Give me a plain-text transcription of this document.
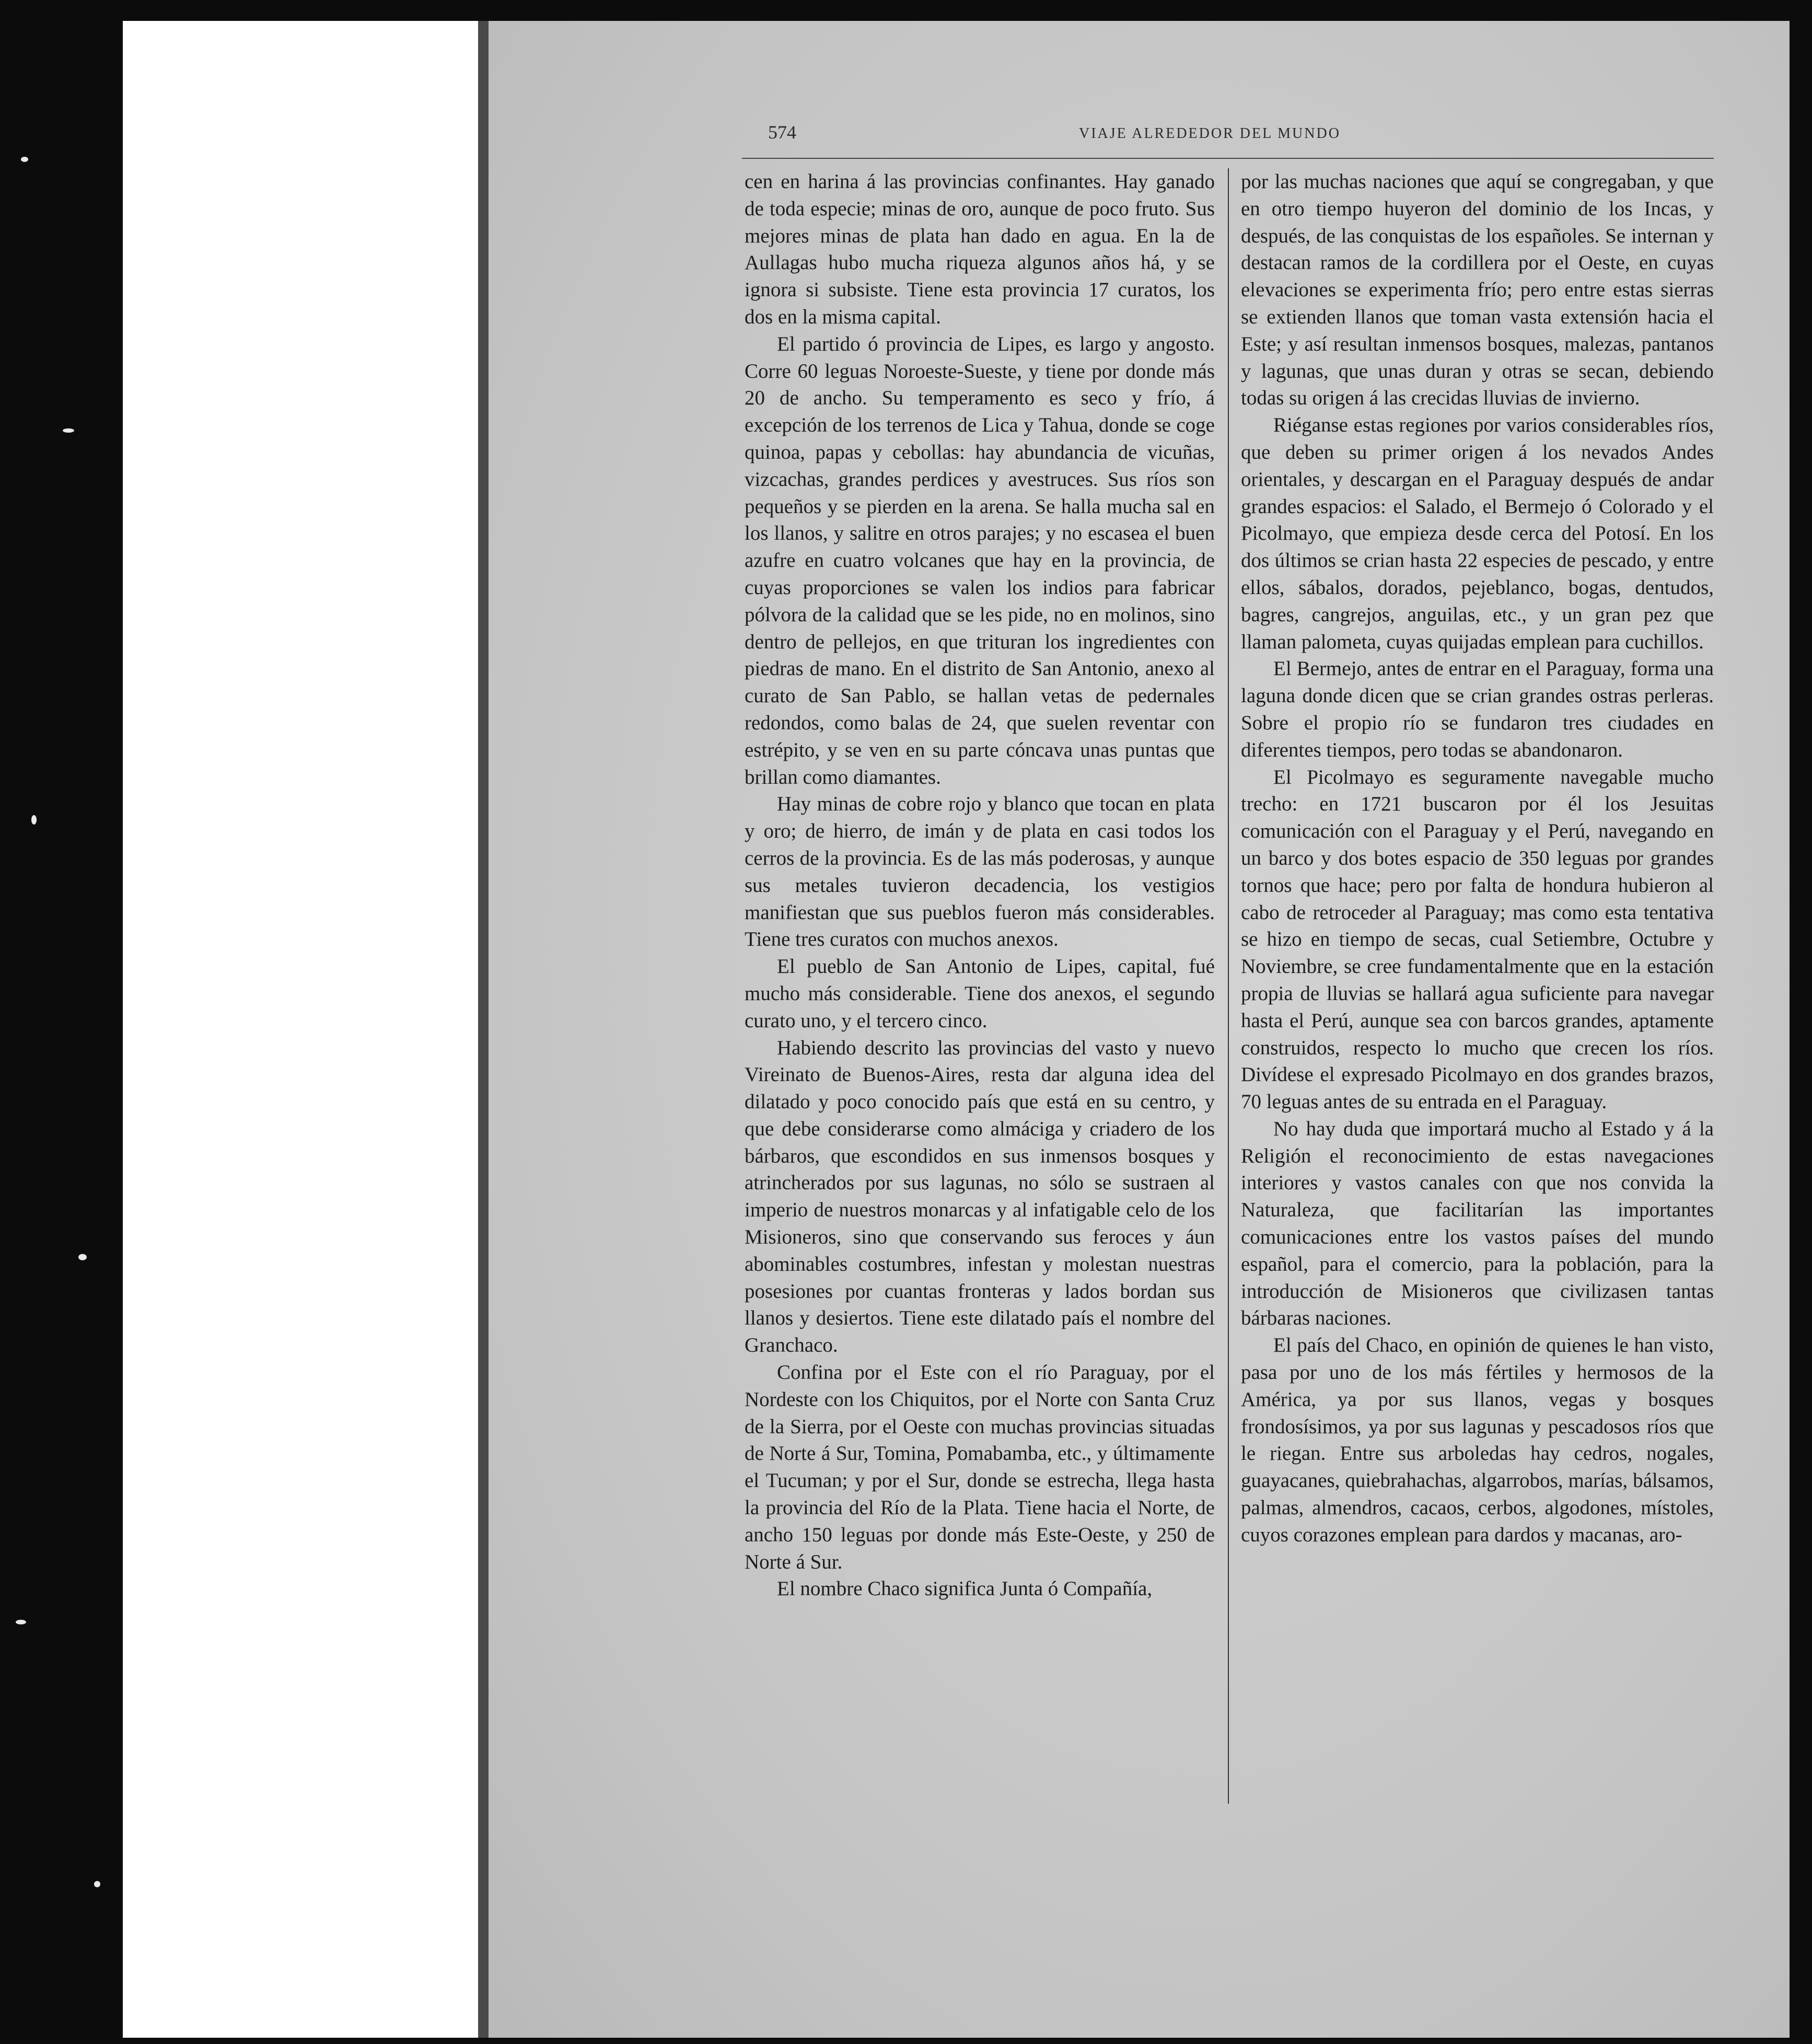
574	VIAJE ALREDEDOR DEL MUNDO

cen en harina á las provincias confinantes. Hay ganado de toda especie; minas de oro, aunque de poco fruto. Sus mejores minas de plata han dado en agua. En la de Aullagas hubo mucha riqueza algunos años há, y se ignora si subsiste. Tiene esta provincia 17 curatos, los dos en la misma capital.

El partido ó provincia de Lipes, es largo y angosto. Corre 60 leguas Noroeste-Sueste, y tiene por donde más 20 de ancho. Su temperamento es seco y frío, á excepción de los terrenos de Lica y Tahua, donde se coge quinoa, papas y cebollas: hay abundancia de vicuñas, vizcachas, grandes perdices y avestruces. Sus ríos son pequeños y se pierden en la arena. Se halla mucha sal en los llanos, y salitre en otros parajes; y no escasea el buen azufre en cuatro volcanes que hay en la provincia, de cuyas proporciones se valen los indios para fabricar pólvora de la calidad que se les pide, no en molinos, sino dentro de pellejos, en que trituran los ingredientes con piedras de mano. En el distrito de San Antonio, anexo al curato de San Pablo, se hallan vetas de pedernales redondos, como balas de 24, que suelen reventar con estrépito, y se ven en su parte cóncava unas puntas que brillan como diamantes.

Hay minas de cobre rojo y blanco que tocan en plata y oro; de hierro, de imán y de plata en casi todos los cerros de la provincia. Es de las más poderosas, y aunque sus metales tuvieron decadencia, los vestigios manifiestan que sus pueblos fueron más considerables. Tiene tres curatos con muchos anexos.

El pueblo de San Antonio de Lipes, capital, fué mucho más considerable. Tiene dos anexos, el segundo curato uno, y el tercero cinco.

Habiendo descrito las provincias del vasto y nuevo Vireinato de Buenos-Aires, resta dar alguna idea del dilatado y poco conocido país que está en su centro, y que debe considerarse como almáciga y criadero de los bárbaros, que escondidos en sus inmensos bosques y atrincherados por sus lagunas, no sólo se sustraen al imperio de nuestros monarcas y al infatigable celo de los Misioneros, sino que conservando sus feroces y áun abominables costumbres, infestan y molestan nuestras posesiones por cuantas fronteras y lados bordan sus llanos y desiertos. Tiene este dilatado país el nombre del Granchaco.

Confina por el Este con el río Paraguay, por el Nordeste con los Chiquitos, por el Norte con Santa Cruz de la Sierra, por el Oeste con muchas provincias situadas de Norte á Sur, Tomina, Pomabamba, etc., y últimamente el Tucuman; y por el Sur, donde se estrecha, llega hasta la provincia del Río de la Plata. Tiene hacia el Norte, de ancho 150 leguas por donde más Este-Oeste, y 250 de Norte á Sur.

El nombre Chaco significa Junta ó Compañía,

por las muchas naciones que aquí se congregaban, y que en otro tiempo huyeron del dominio de los Incas, y después, de las conquistas de los españoles. Se internan y destacan ramos de la cordillera por el Oeste, en cuyas elevaciones se experimenta frío; pero entre estas sierras se extienden llanos que toman vasta extensión hacia el Este; y así resultan inmensos bosques, malezas, pantanos y lagunas, que unas duran y otras se secan, debiendo todas su origen á las crecidas lluvias de invierno.

Riéganse estas regiones por varios considerables ríos, que deben su primer origen á los nevados Andes orientales, y descargan en el Paraguay después de andar grandes espacios: el Salado, el Bermejo ó Colorado y el Picolmayo, que empieza desde cerca del Potosí. En los dos últimos se crian hasta 22 especies de pescado, y entre ellos, sábalos, dorados, pejeblanco, bogas, dentudos, bagres, cangrejos, anguilas, etc., y un gran pez que llaman palometa, cuyas quijadas emplean para cuchillos.

El Bermejo, antes de entrar en el Paraguay, forma una laguna donde dicen que se crian grandes ostras perleras. Sobre el propio río se fundaron tres ciudades en diferentes tiempos, pero todas se abandonaron.

El Picolmayo es seguramente navegable mucho trecho: en 1721 buscaron por él los Jesuitas comunicación con el Paraguay y el Perú, navegando en un barco y dos botes espacio de 350 leguas por grandes tornos que hace; pero por falta de hondura hubieron al cabo de retroceder al Paraguay; mas como esta tentativa se hizo en tiempo de secas, cual Setiembre, Octubre y Noviembre, se cree fundamentalmente que en la estación propia de lluvias se hallará agua suficiente para navegar hasta el Perú, aunque sea con barcos grandes, aptamente construidos, respecto lo mucho que crecen los ríos. Divídese el expresado Picolmayo en dos grandes brazos, 70 leguas antes de su entrada en el Paraguay.

No hay duda que importará mucho al Estado y á la Religión el reconocimiento de estas navegaciones interiores y vastos canales con que nos convida la Naturaleza, que facilitarían las importantes comunicaciones entre los vastos países del mundo español, para el comercio, para la población, para la introducción de Misioneros que civilizasen tantas bárbaras naciones.

El país del Chaco, en opinión de quienes le han visto, pasa por uno de los más fértiles y hermosos de la América, ya por sus llanos, vegas y bosques frondosísimos, ya por sus lagunas y pescadosos ríos que le riegan. Entre sus arboledas hay cedros, nogales, guayacanes, quiebrahachas, algarrobos, marías, bálsamos, palmas, almendros, cacaos, cerbos, algodones, místoles, cuyos corazones emplean para dardos y macanas, aro-
